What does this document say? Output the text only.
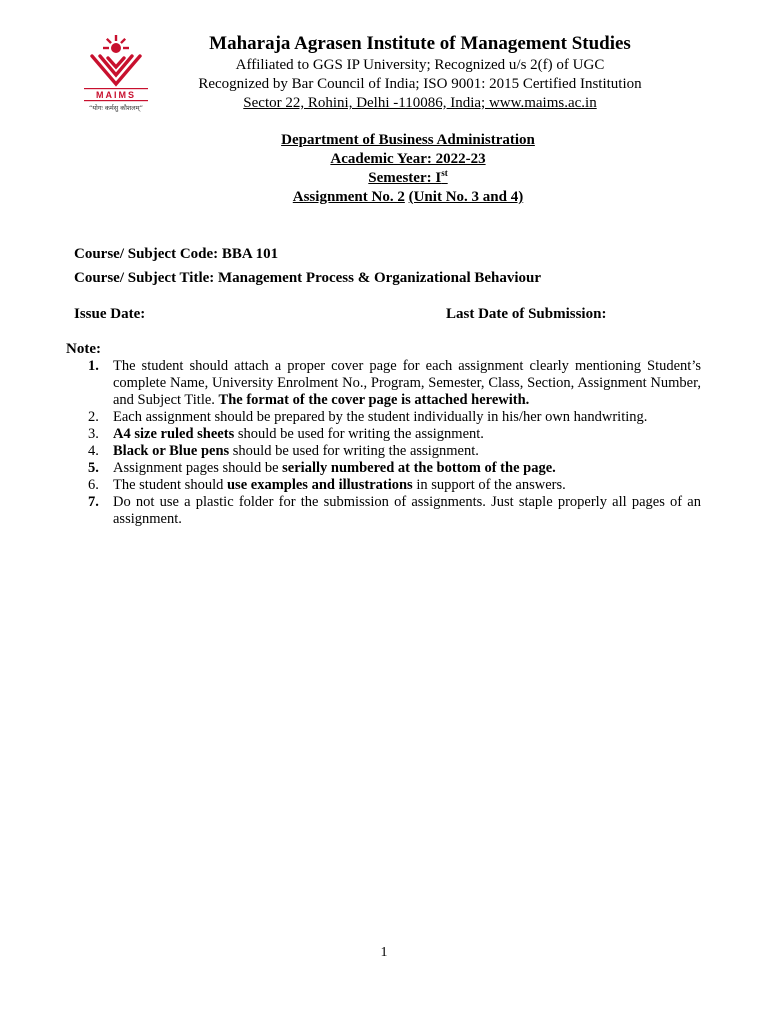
MAIMS
“योगः कर्मसु कौशलम्”

Maharaja Agrasen Institute of Management Studies

Affiliated to GGS IP University; Recognized u/s 2(f) of UGC

Recognized by Bar Council of India; ISO 9001: 2015 Certified Institution

Sector 22, Rohini, Delhi -110086, India; www.maims.ac.in

Department of Business Administration
Academic Year: 2022-23
Semester: Ist
Assignment No. 2 (Unit No. 3 and 4)
Course/ Subject Code: BBA 101
Course/ Subject Title: Management Process & Organizational Behaviour
Issue Date:	Last Date of Submission:
Note:
1. The student should attach a proper cover page for each assignment clearly mentioning Student’s complete Name, University Enrolment No., Program, Semester, Class, Section, Assignment Number, and Subject Title. The format of the cover page is attached herewith.
2. Each assignment should be prepared by the student individually in his/her own handwriting.
3. A4 size ruled sheets should be used for writing the assignment.
4. Black or Blue pens should be used for writing the assignment.
5. Assignment pages should be serially numbered at the bottom of the page.
6. The student should use examples and illustrations in support of the answers.
7. Do not use a plastic folder for the submission of assignments. Just staple properly all pages of an assignment.
1
